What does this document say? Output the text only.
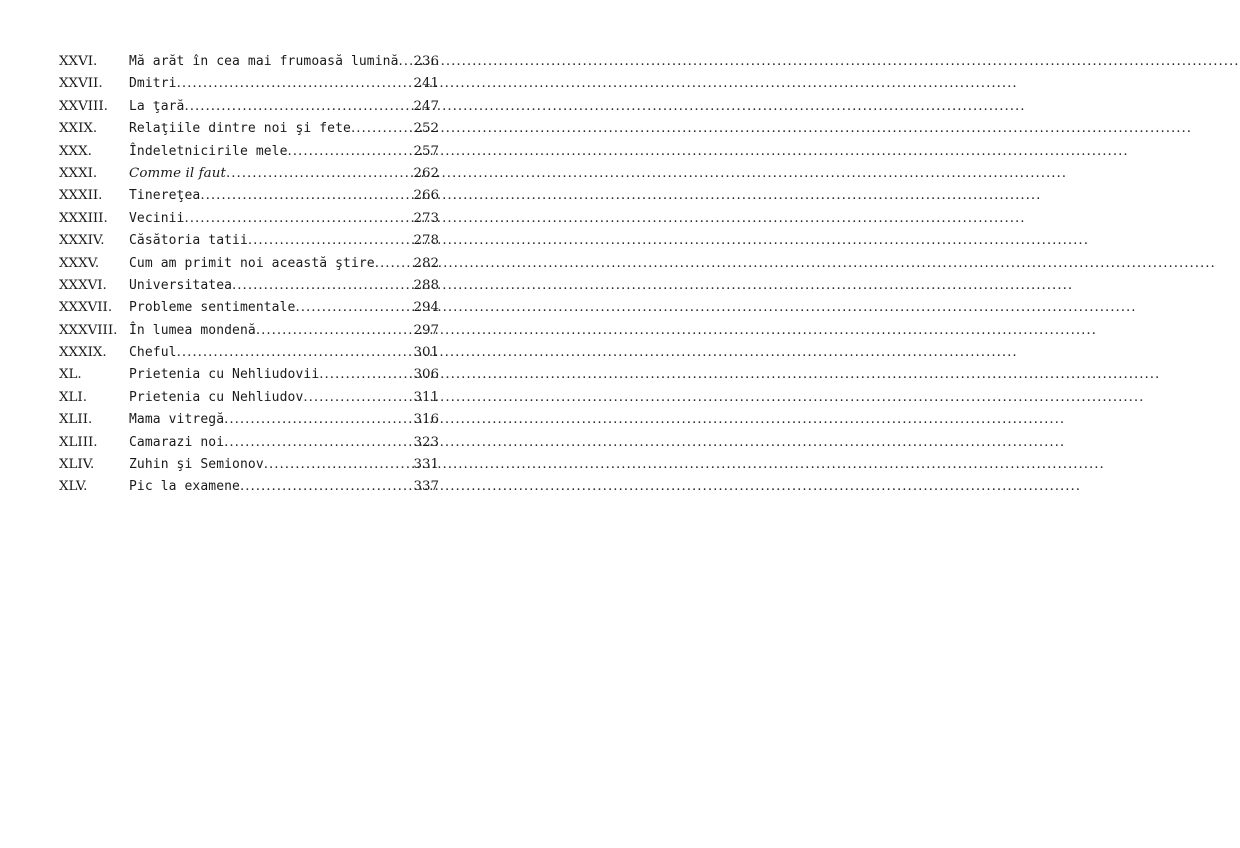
XXVI.	Mă arăt în cea mai frumoasă lumină ..... 236
XXVII.	Dmitri .....	241
XXVIII.	La ţară .....	247
XXIX.	Relaţiile dintre noi şi fete .....	252
XXX.	Îndeletnicirile mele .....	257
XXXI.	Comme il faut .....	262
XXXII.	Tinereţea .....	266
XXXIII.	Vecinii .....	273
XXXIV.	Căsătoria tatii .....	278
XXXV.	Cum am primit noi această ştire .....	282
XXXVI.	Universitatea .....	288
XXXVII.	Probleme sentimentale .....	294
XXXVIII. În lumea mondenă .....	297
XXXIX.	Cheful .....	301
XL.	Prietenia cu Nehliudovii .....	306
XLI.	Prietenia cu Nehliudov .....	311
XLII.	Mama vitregă .....	316
XLIII.	Camarazi noi .....	323
XLIV.	Zuhin şi Semionov .....	331
XLV.	Pic la examene .....	337
